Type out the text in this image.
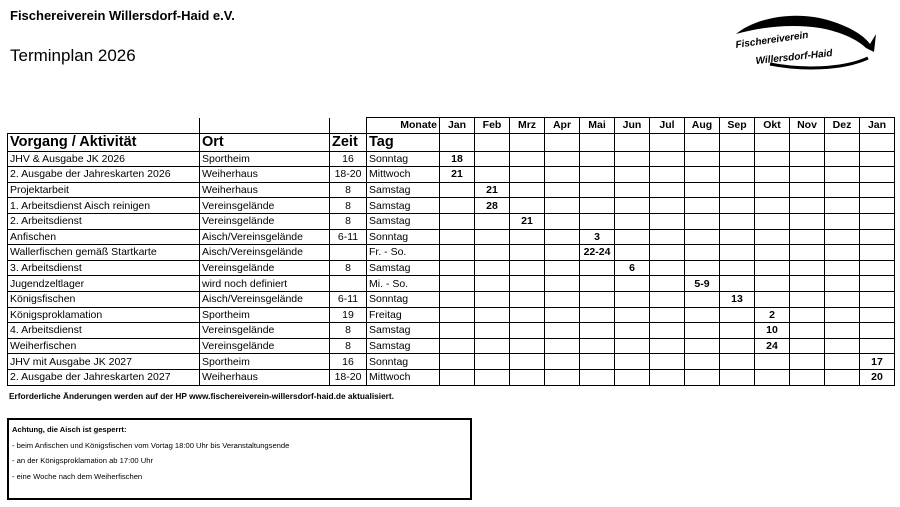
Fischereiverein Willersdorf-Haid e.V.
Terminplan 2026
Fischereiverein
Willersdorf-Haid
			Monate	Jan	Feb	Mrz	Apr	Mai	Jun	Jul	Aug	Sep	Okt	Nov	Dez	Jan
Vorgang / Aktivität	Ort	Zeit	Tag													
JHV & Ausgabe JK 2026	Sportheim	16	Sonntag	18												
2. Ausgabe der Jahreskarten 2026	Weiherhaus	18-20	Mittwoch	21												
Projektarbeit	Weiherhaus	8	Samstag		21											
1. Arbeitsdienst Aisch reinigen	Vereinsgelände	8	Samstag		28											
2. Arbeitsdienst	Vereinsgelände	8	Samstag			21										
Anfischen	Aisch/Vereinsgelände	6-11	Sonntag					3								
Wallerfischen gemäß Startkarte	Aisch/Vereinsgelände		Fr. - So.					22-24								
3. Arbeitsdienst	Vereinsgelände	8	Samstag						6							
Jugendzeltlager	wird noch definiert		Mi. - So.								5-9					
Königsfischen	Aisch/Vereinsgelände	6-11	Sonntag									13				
Königsproklamation	Sportheim	19	Freitag										2			
4. Arbeitsdienst	Vereinsgelände	8	Samstag										10			
Weiherfischen	Vereinsgelände	8	Samstag										24			
JHV mit Ausgabe JK 2027	Sportheim	16	Sonntag													17
2. Ausgabe der Jahreskarten 2027	Weiherhaus	18-20	Mittwoch													20
Erforderliche Änderungen werden auf der HP www.fischereiverein-willersdorf-haid.de aktualisiert.
Achtung, die Aisch ist gesperrt:
- beim Anfischen und Königsfischen vom Vortag 18:00 Uhr bis Veranstaltungsende
- an der Königsproklamation ab 17:00 Uhr
- eine Woche nach dem Weiherfischen
